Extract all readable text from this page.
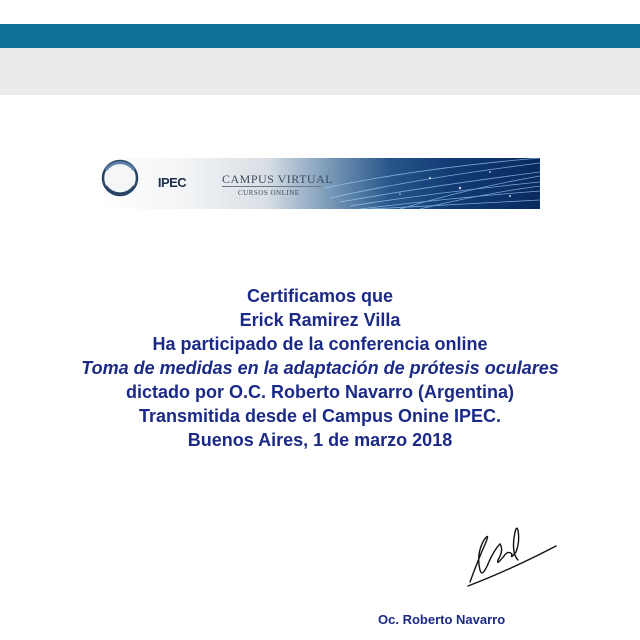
IPEC	CAMPUS VIRTUAL
CURSOS ONLINE
Certificamos que
Erick Ramirez Villa
Ha participado de la conferencia online
Toma de medidas en la adaptación de prótesis oculares
dictado por O.C. Roberto Navarro (Argentina)
Transmitida desde el Campus Onine IPEC.
Buenos Aires, 1 de marzo 2018
Oc. Roberto Navarro
